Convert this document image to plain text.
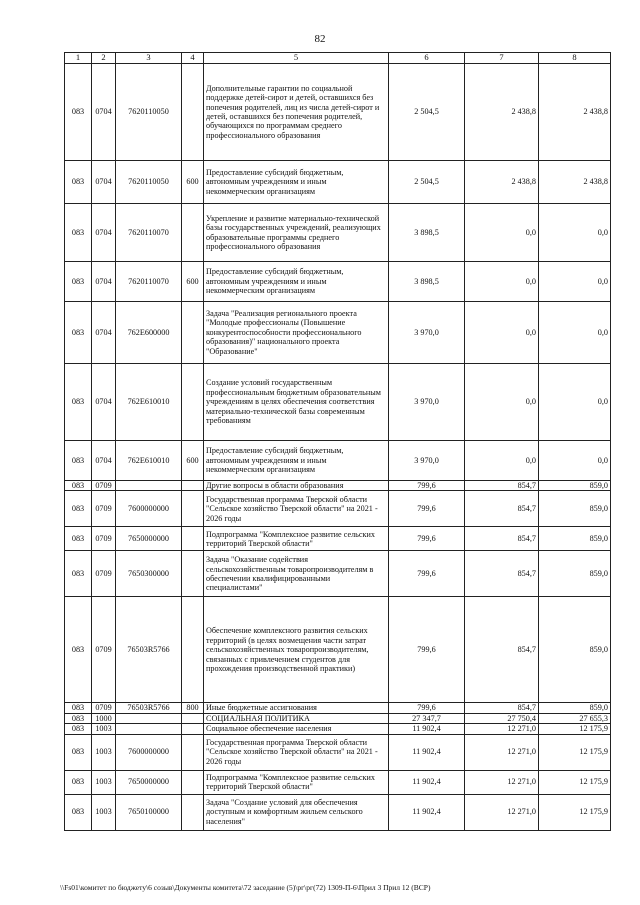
82
1	2	3	4	5	6	7	8
083	0704	7620110050		Дополнительные гарантии по социальной поддержке детей-сирот и детей, оставшихся без попечения родителей, лиц из числа детей-сирот и детей, оставшихся без попечения родителей, обучающихся по программам среднего профессионального образования	2 504,5	2 438,8	2 438,8
083	0704	7620110050	600	Предоставление субсидий бюджетным, автономным учреждениям и иным некоммерческим организациям	2 504,5	2 438,8	2 438,8
083	0704	7620110070		Укрепление и развитие материально-технической базы государственных учреждений, реализующих образовательные программы среднего профессионального образования	3 898,5	0,0	0,0
083	0704	7620110070	600	Предоставление субсидий бюджетным, автономным учреждениям и иным некоммерческим организациям	3 898,5	0,0	0,0
083	0704	762E600000		Задача "Реализация регионального проекта "Молодые профессионалы (Повышение конкурентоспособности профессионального образования)" национального проекта "Образование"	3 970,0	0,0	0,0
083	0704	762E610010		Создание условий государственным профессиональным бюджетным образовательным учреждениям в целях обеспечения соответствия материально-технической базы современным требованиям	3 970,0	0,0	0,0
083	0704	762E610010	600	Предоставление субсидий бюджетным, автономным учреждениям и иным некоммерческим организациям	3 970,0	0,0	0,0
083	0709			Другие вопросы в области образования	799,6	854,7	859,0
083	0709	7600000000		Государственная программа Тверской области "Сельское хозяйство Тверской области" на 2021 - 2026 годы	799,6	854,7	859,0
083	0709	7650000000		Подпрограмма "Комплексное развитие сельских территорий Тверской области"	799,6	854,7	859,0
083	0709	7650300000		Задача "Оказание содействия сельскохозяйственным товаропроизводителям в обеспечении квалифицированными специалистами"	799,6	854,7	859,0
083	0709	76503R5766		Обеспечение комплексного развития сельских территорий (в целях возмещения части затрат сельскохозяйственных товаропроизводителям, связанных с привлечением студентов для прохождения производственной практики)	799,6	854,7	859,0
083	0709	76503R5766	800	Иные бюджетные ассигнования	799,6	854,7	859,0
083	1000			СОЦИАЛЬНАЯ ПОЛИТИКА	27 347,7	27 750,4	27 655,3
083	1003			Социальное обеспечение населения	11 902,4	12 271,0	12 175,9
083	1003	7600000000		Государственная программа Тверской области "Сельское хозяйство Тверской области" на 2021 - 2026 годы	11 902,4	12 271,0	12 175,9
083	1003	7650000000		Подпрограмма "Комплексное развитие сельских территорий Тверской области"	11 902,4	12 271,0	12 175,9
083	1003	7650100000		Задача "Создание условий для обеспечения доступным и комфортным жильем сельского населения"	11 902,4	12 271,0	12 175,9
\\Fs01\комитет по бюджету\6 созыв\Документы комитета\72 заседание (5)\рг\рг(72) 1309-П-6\Прил 3 Прил 12 (ВСР)
